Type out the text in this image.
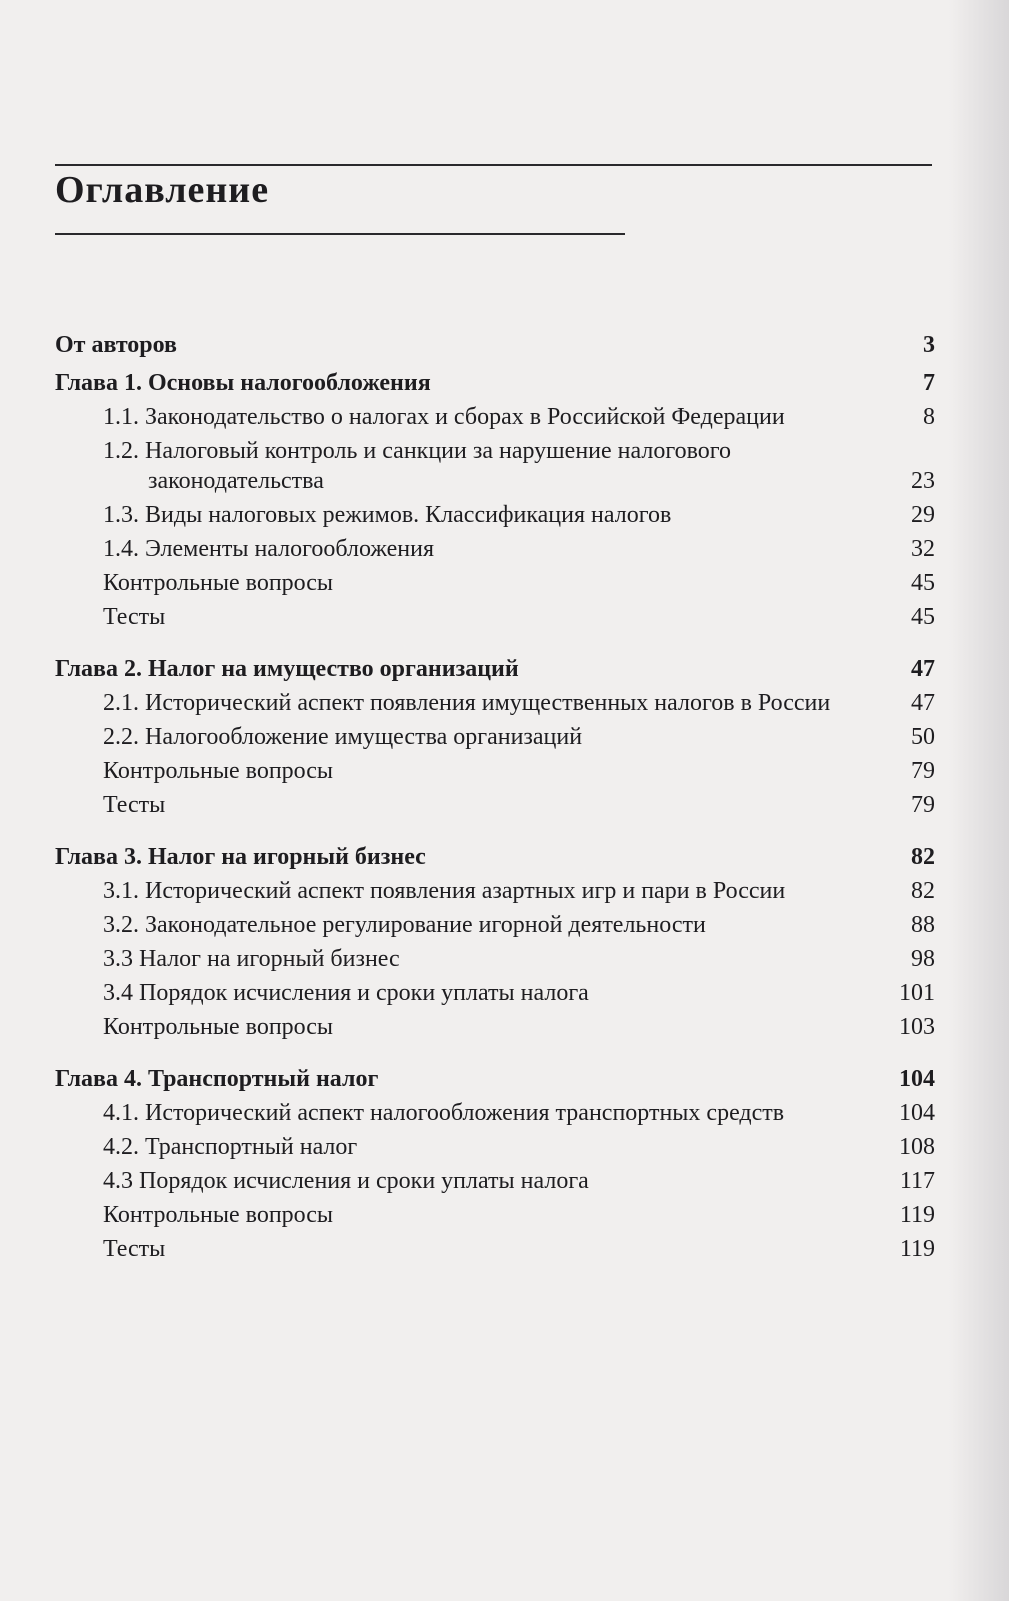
Оглавление
От авторов	3
Глава 1. Основы налогообложения	7
1.1. Законодательство о налогах и сборах в Российской Федерации	8
1.2. Налоговый контроль и санкции за нарушение налогового законодательства	23
1.3. Виды налоговых режимов. Классификация налогов	29
1.4. Элементы налогообложения	32
Контрольные вопросы	45
Тесты	45
Глава 2. Налог на имущество организаций	47
2.1. Исторический аспект появления имущественных налогов в России	47
2.2. Налогообложение имущества организаций	50
Контрольные вопросы	79
Тесты	79
Глава 3. Налог на игорный бизнес	82
3.1. Исторический аспект появления азартных игр и пари в России	82
3.2. Законодательное регулирование игорной деятельности	88
3.3 Налог на игорный бизнес	98
3.4 Порядок исчисления и сроки уплаты налога	101
Контрольные вопросы	103
Глава 4. Транспортный налог	104
4.1. Исторический аспект налогообложения транспортных средств	104
4.2. Транспортный налог	108
4.3 Порядок исчисления и сроки уплаты налога	117
Контрольные вопросы	119
Тесты	119
